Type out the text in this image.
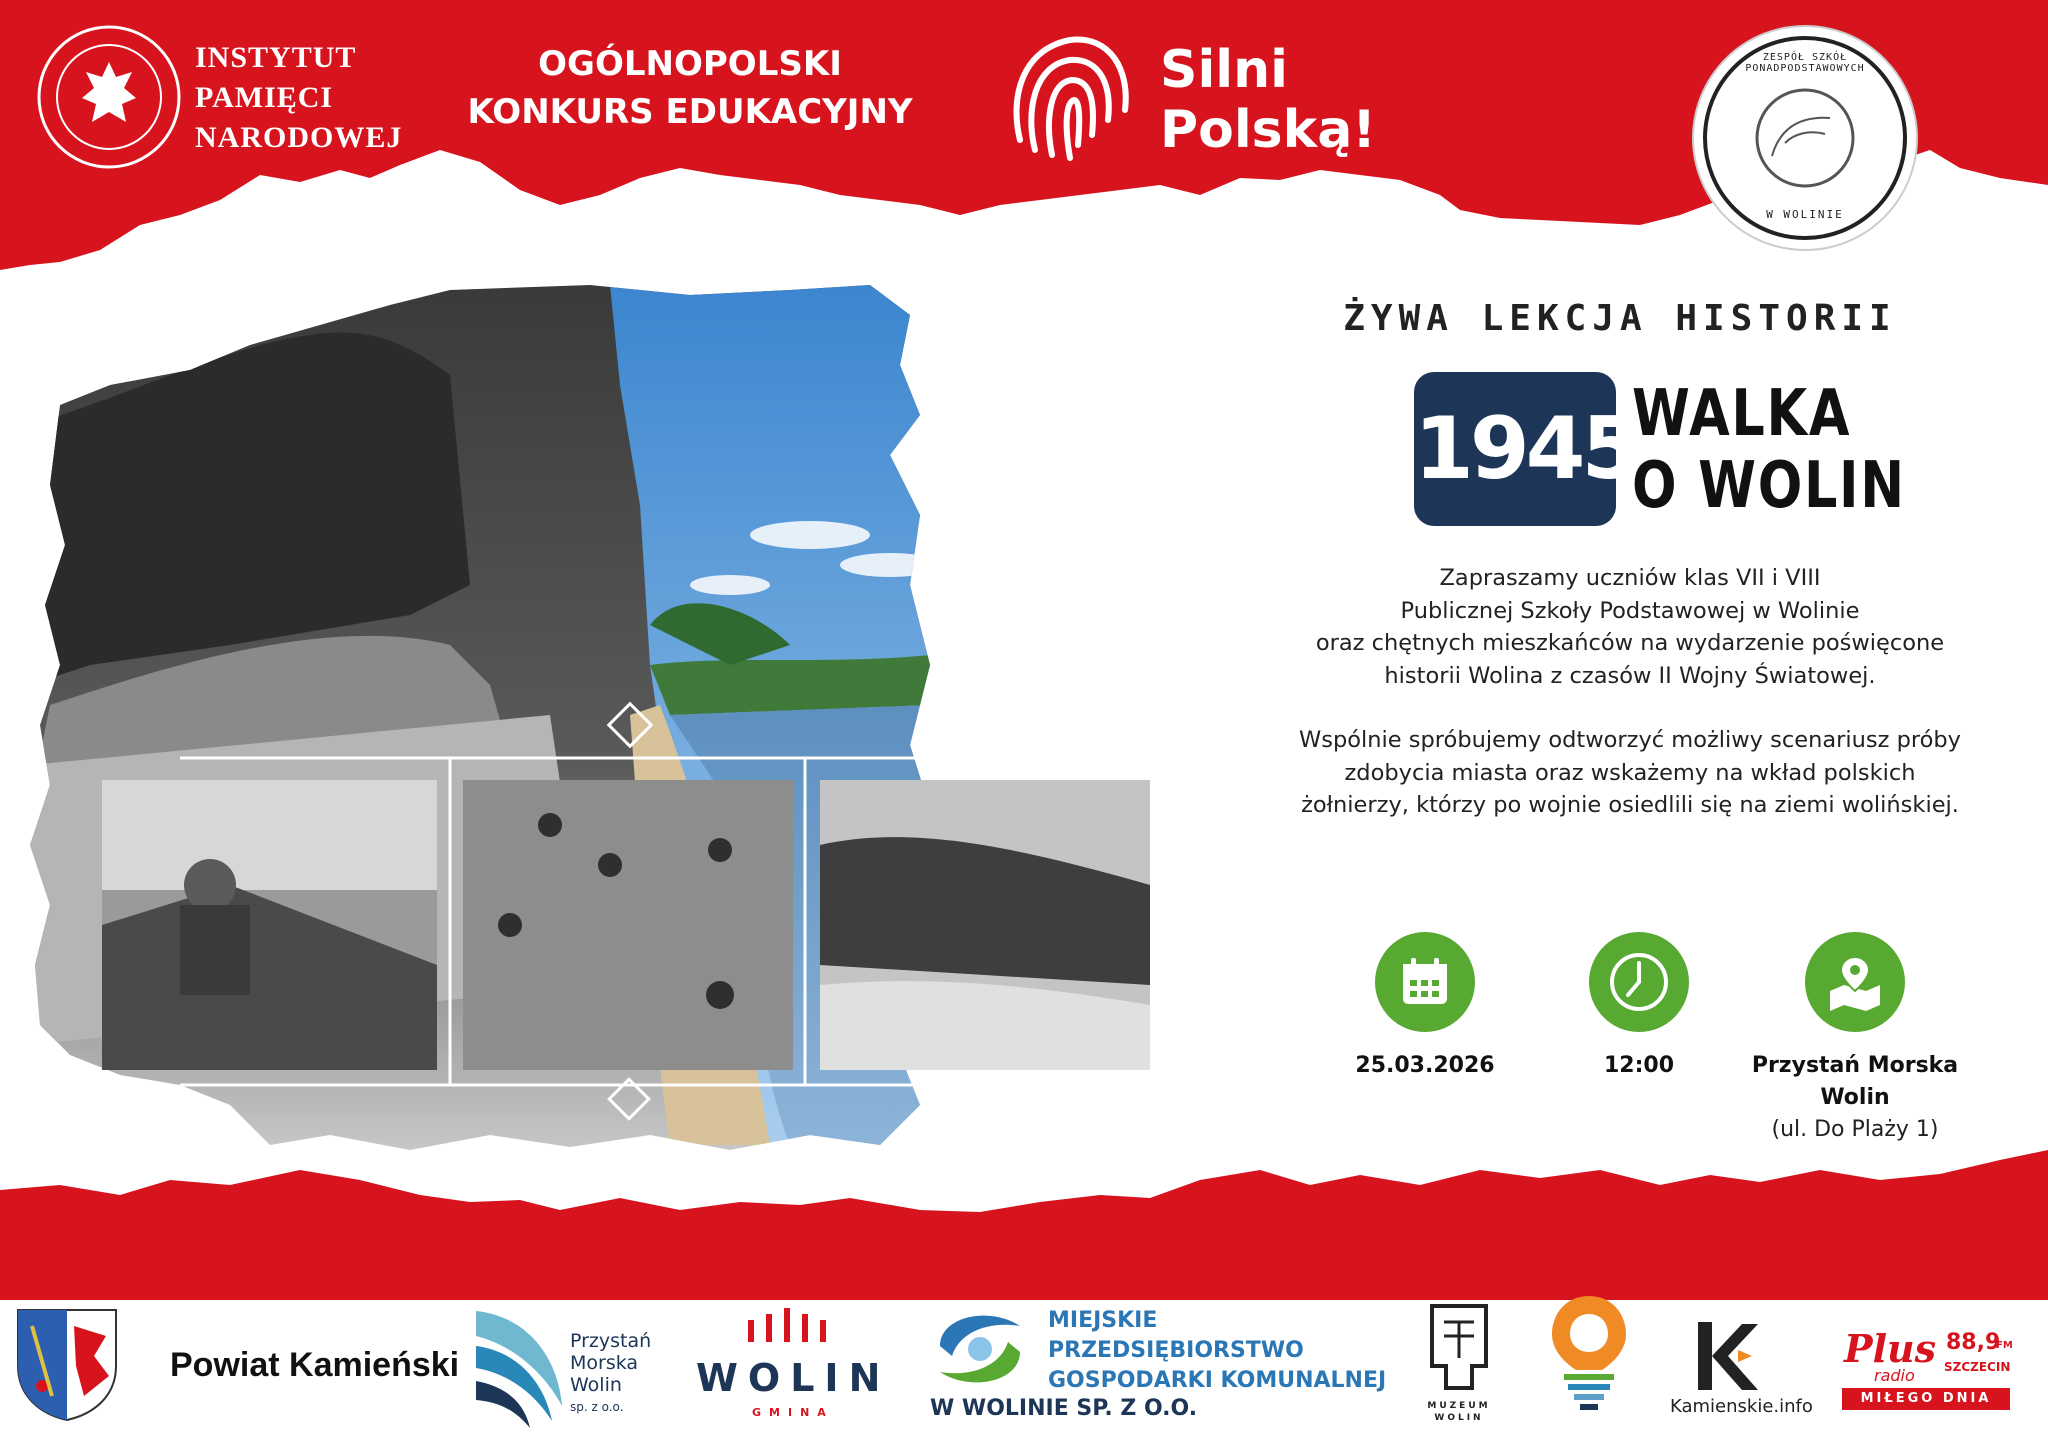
INSTYTUT
PAMIĘCI
NARODOWEJ
OGÓLNOPOLSKI
KONKURS EDUKACYJNY
Silni
Polską!
ZESPÓŁ SZKÓŁ PONADPODSTAWOWYCH
W WOLINIE
ŻYWA LEKCJA HISTORII
1945
WALKA
O WOLIN

Zapraszamy uczniów klas VII i VIII

Publicznej Szkoły Podstawowej w Wolinie

oraz chętnych mieszkańców na wydarzenie poświęcone

historii Wolina z czasów II Wojny Światowej.

Wspólnie spróbujemy odtworzyć możliwy scenariusz próby

zdobycia miasta oraz wskażemy na wkład polskich

żołnierzy, którzy po wojnie osiedlili się na ziemi wolińskiej.

25.03.2026	12:00	Przystań Morska
Wolin
(ul. Do Plaży 1)
Powiat Kamieński
Przystań
Morska
Wolin
sp. z o.o.
WOLIN
GMINA
MIEJSKIE
PRZEDSIĘBIORSTWO
GOSPODARKI KOMUNALNEJ
W WOLINIE SP. Z O.O.	MUZEUM
WOLIN
Kamienskie.info
Plus
radio
88,9
FM
SZCZECIN
MIŁEGO DNIA
